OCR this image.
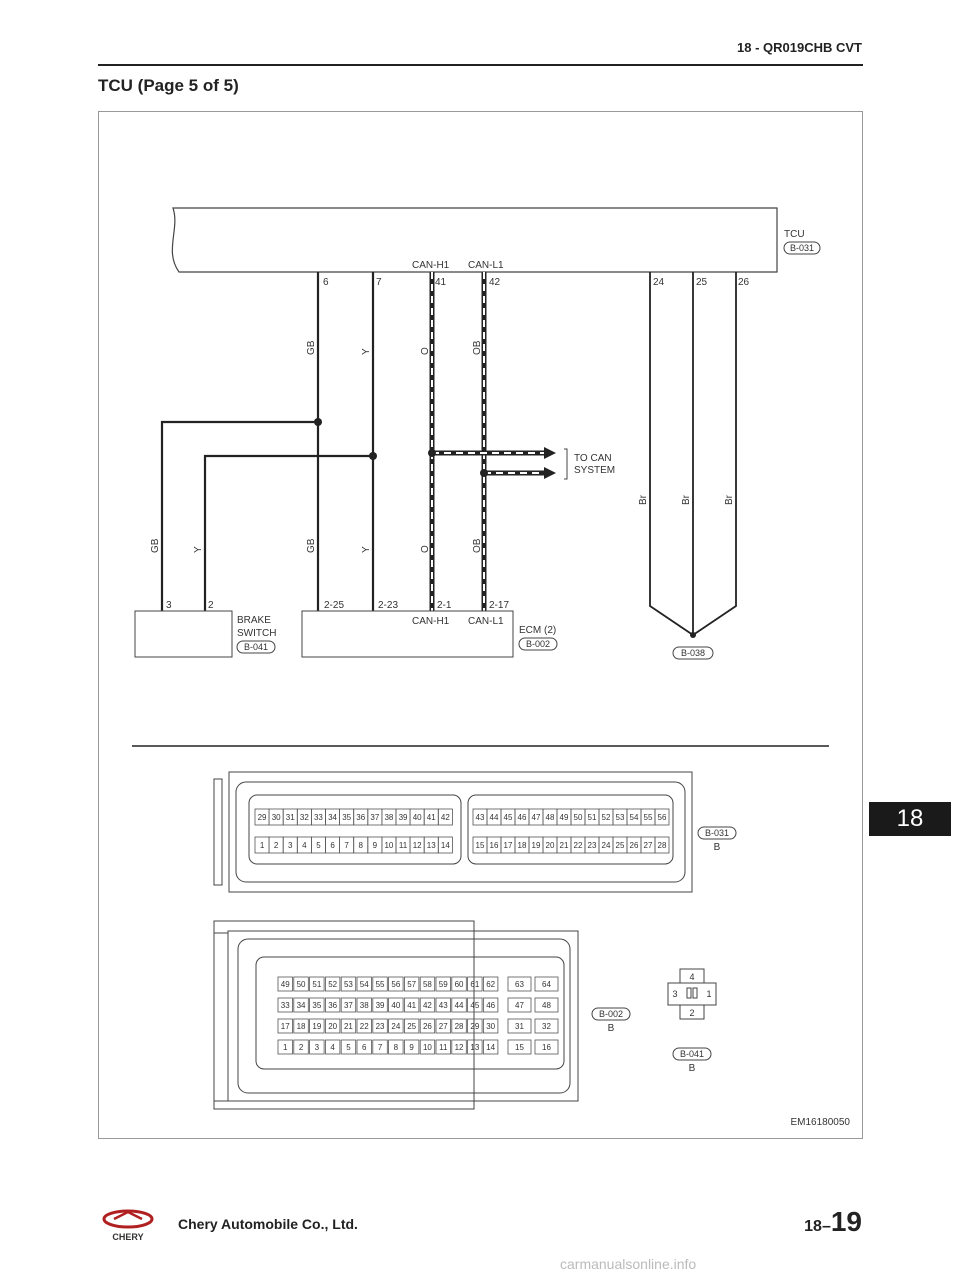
18 - QR019CHB CVT
TCU (Page 5 of 5)
TCU
B-031
CAN-H1 CAN-L1
6	7	41	42	24	25	26
TO CAN
SYSTEM
B-038
GB	Y	O	OB
GB	Y	GB	Y	O	OB
Br	Br	Br
3	2
BRAKE
SWITCH
B-041
2-25	2-23	2-1	2-17
CAN-H1 CAN-L1
ECM (2)
B-002
29 30 31 32 33 34 35 36 37 38 39 40 41 42
1 2 3 4 5 6 7 8 9 10 11 12 13 14
43 44 45 46 47 48 49 50 51 52 53 54 55 56
15 16 17 18 19 20 21 22 23 24 25 26 27 28
B-031
B
49 50 51 52 53 54 55 56 57 58 59 60 61 62 63 64
33 34 35 36 37 38 39 40 41 42 43 44 45 46 47 48
17 18 19 20 21 22 23 24 25 26 27 28 29 30 31 32
1 2 3 4 5 6 7 8 9 10 11 12 13 14 15 16
B-002
B
4
3	1
2
B-041
B
EM16180050
18
CHERY
Chery Automobile Co., Ltd.	18–19
carmanualsonline.info
